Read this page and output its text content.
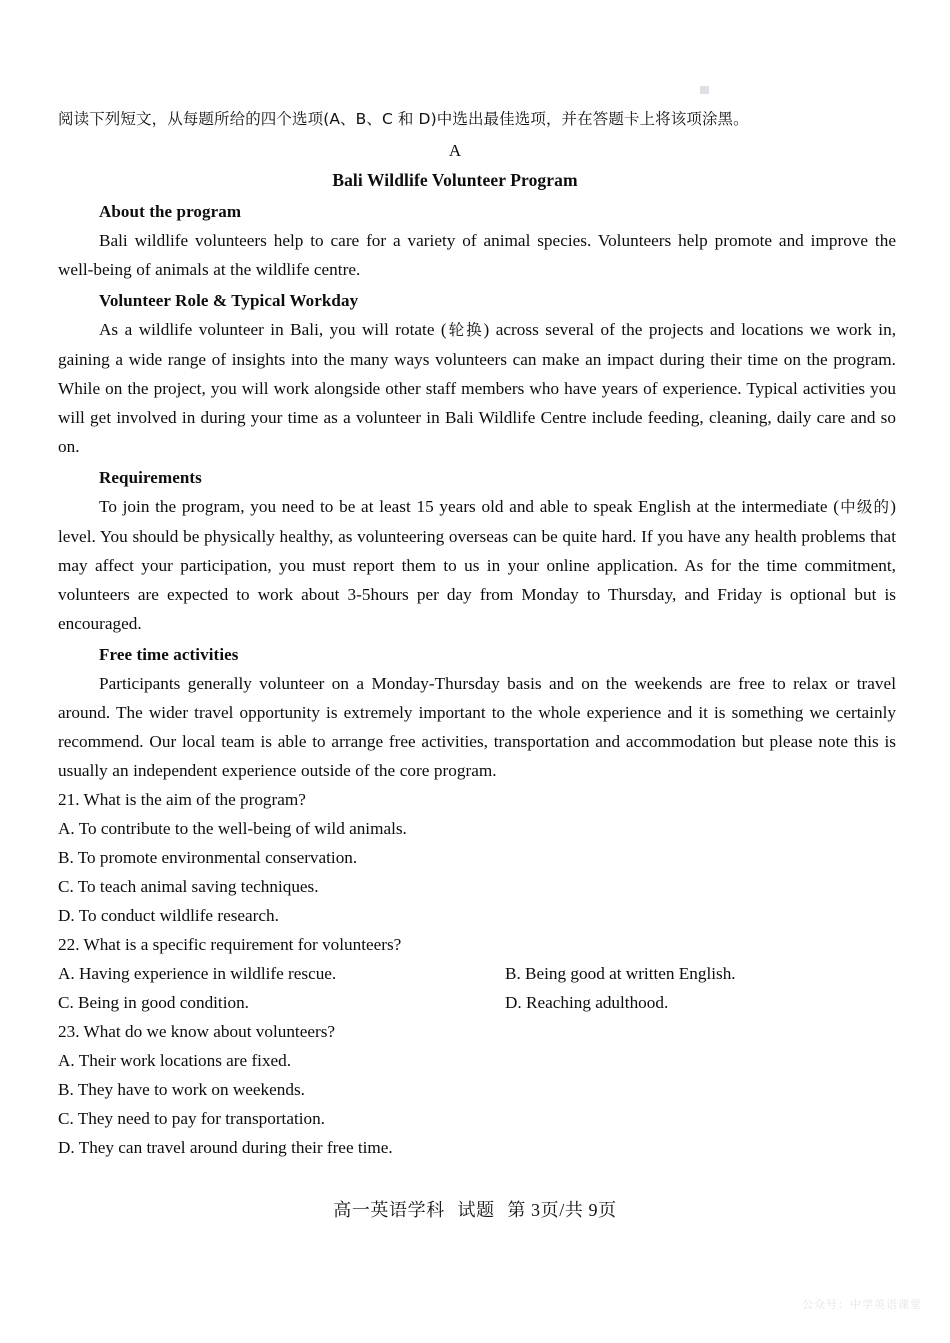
阅读下列短文，从每题所给的四个选项(A、B、C 和 D)中选出最佳选项，并在答题卡上将该项涂黑。
A
Bali Wildlife Volunteer Program
About the program
Bali wildlife volunteers help to care for a variety of animal species. Volunteers help promote and improve the well-being of animals at the wildlife centre.
Volunteer Role & Typical Workday
As a wildlife volunteer in Bali, you will rotate (轮换) across several of the projects and locations we work in, gaining a wide range of insights into the many ways volunteers can make an impact during their time on the program. While on the project, you will work alongside other staff members who have years of experience. Typical activities you will get involved in during your time as a volunteer in Bali Wildlife Centre include feeding, cleaning, daily care and so on.
Requirements
To join the program, you need to be at least 15 years old and able to speak English at the intermediate (中级的) level. You should be physically healthy, as volunteering overseas can be quite hard. If you have any health problems that may affect your participation, you must report them to us in your online application. As for the time commitment, volunteers are expected to work about 3-5hours per day from Monday to Thursday, and Friday is optional but is encouraged.
Free time activities
Participants generally volunteer on a Monday-Thursday basis and on the weekends are free to relax or travel around. The wider travel opportunity is extremely important to the whole experience and it is something we certainly recommend. Our local team is able to arrange free activities, transportation and accommodation but please note this is usually an independent experience outside of the core program.
21. What is the aim of the program?
A. To contribute to the well-being of wild animals.
B. To promote environmental conservation.
C. To teach animal saving techniques.
D. To conduct wildlife research.
22. What is a specific requirement for volunteers?
A. Having experience in wildlife rescue.	B. Being good at written English.
C. Being in good condition.	D. Reaching adulthood.
23. What do we know about volunteers?
A. Their work locations are fixed.
B. They have to work on weekends.
C. They need to pay for transportation.
D. They can travel around during their free time.
高一英语学科 试题 第 3页/共 9页
公众号：中学英语课堂
